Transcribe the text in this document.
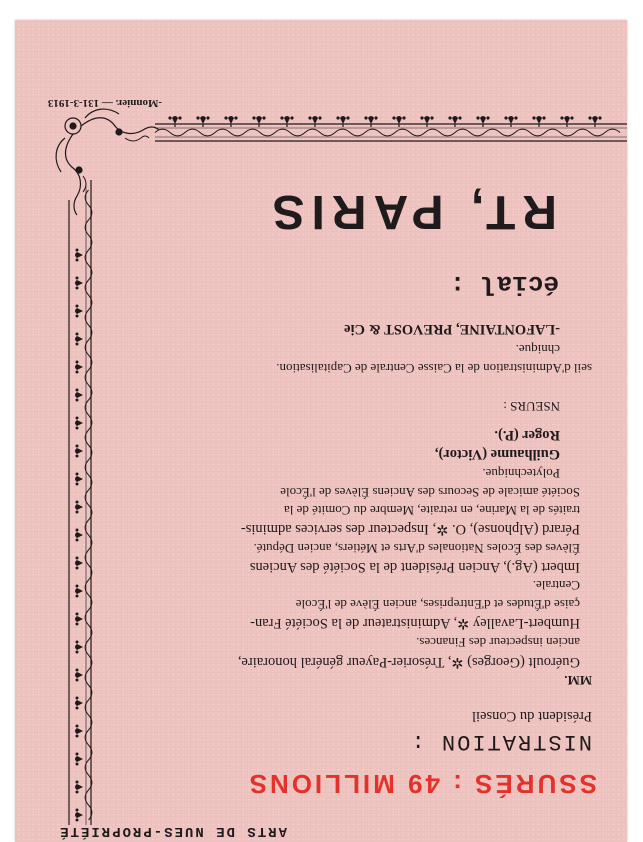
-Monnier. — 131-3-1913
RT, PARIS
écial :
-LAFONTAINE, PREVOST & Cie
chnique.
seil d'Administration de la Caisse Centrale de Capitalisation.
NSEURS :
Roger (P.).
Guilhaume (Victor),
Polytechnique.
Société amicale de Secours des Anciens Élèves de l'École
traités de la Marine, en retraite, Membre du Comité de la
Pérard (Alphonse), O. ✲, Inspecteur des services adminis-
Élèves des Écoles Nationales d'Arts et Métiers, ancien Député.
Imbert (Ag.), Ancien Président de la Société des Anciens
Centrale.
çaise d'Études et d'Entreprises, ancien Élève de l'École
Humbert-Lavalley ✲, Administrateur de la Société Fran-
ancien inspecteur des Finances.
Guéroult (Georges) ✲, Trésorier-Payeur général honoraire,
MM.
Président du Conseil
NISTRATION :
SSURÉS : 49 MILLIONS
ARTS DE NUES-PROPRIÉTÉ
